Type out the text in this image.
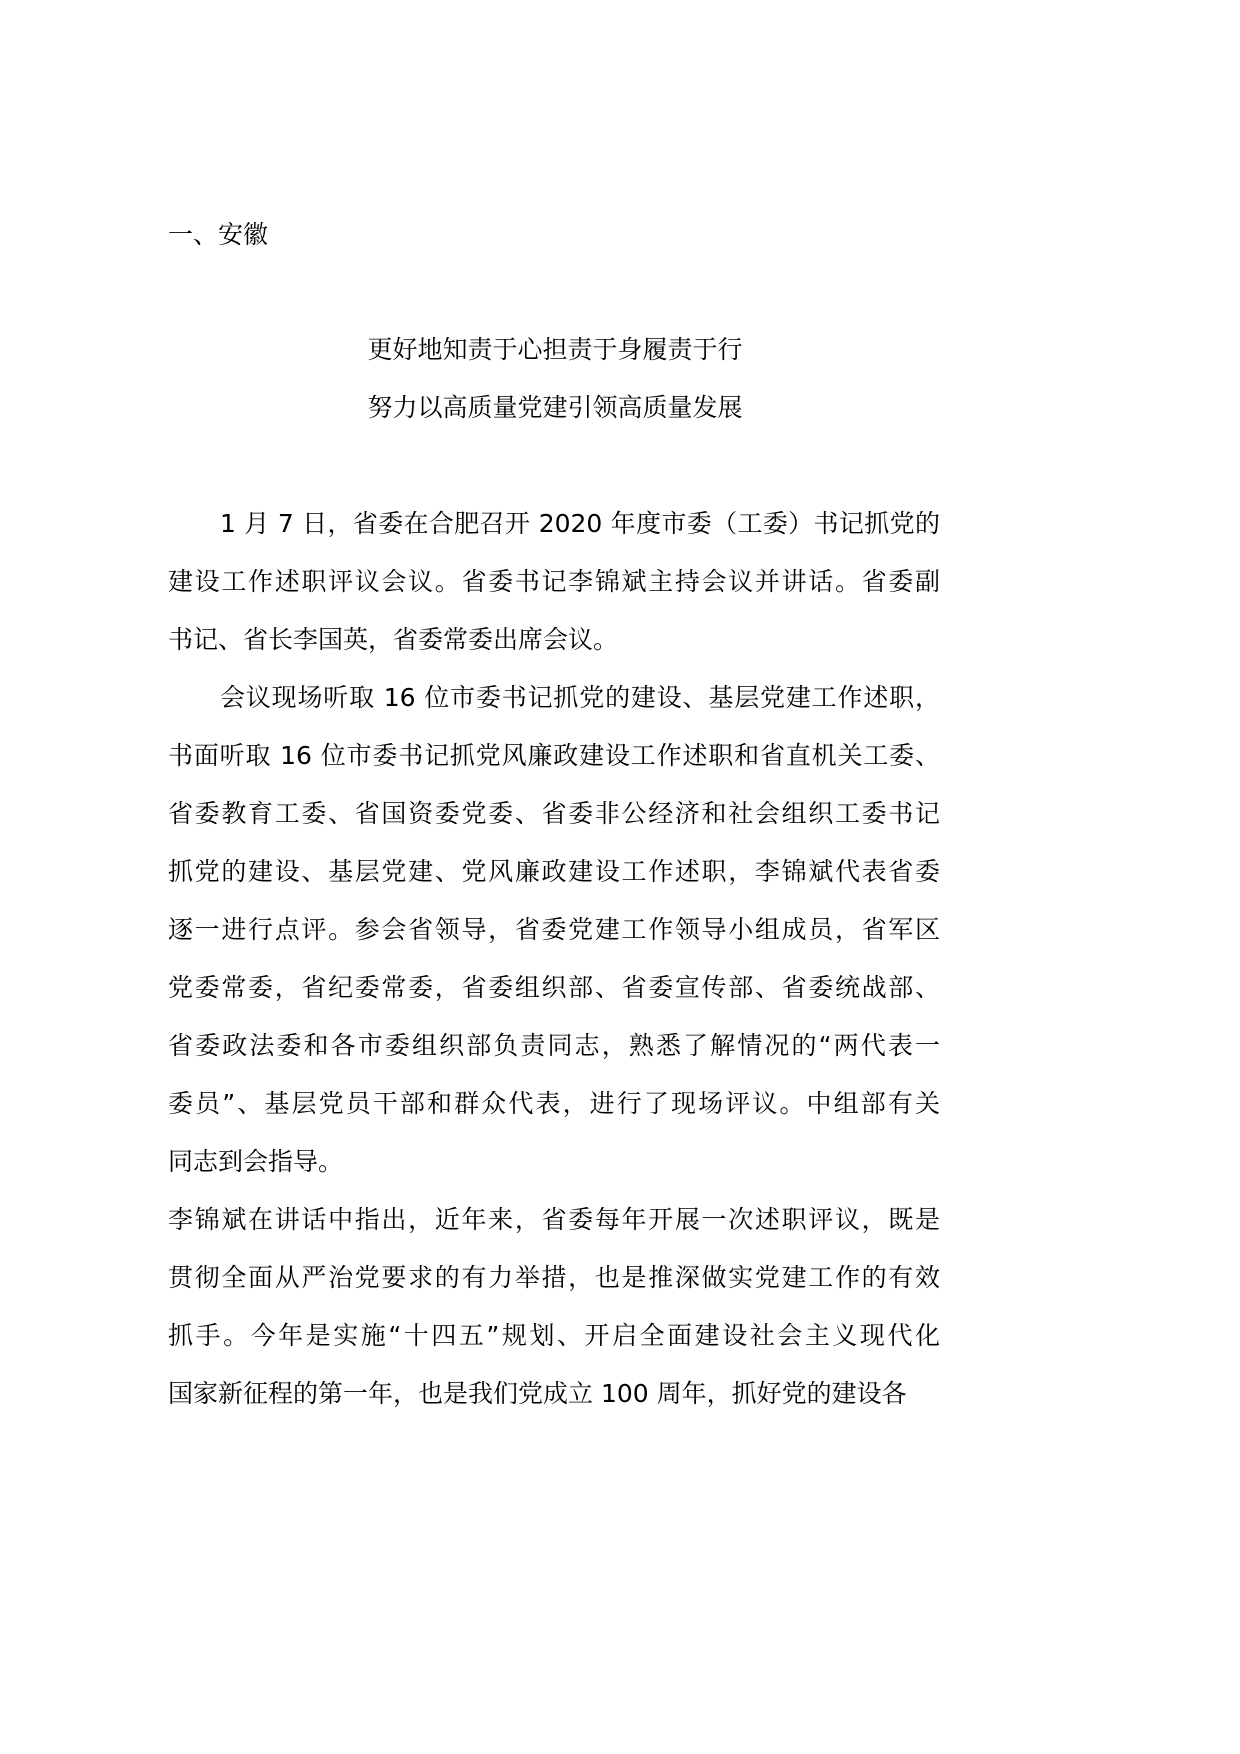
一、安徽
更好地知责于心担责于身履责于行
努力以高质量党建引领高质量发展
1 月 7 日，省委在合肥召开 2020 年度市委（工委）书记抓党的
建设工作述职评议会议。省委书记李锦斌主持会议并讲话。省委副
书记、省长李国英，省委常委出席会议。
会议现场听取 16 位市委书记抓党的建设、基层党建工作述职，
书面听取 16 位市委书记抓党风廉政建设工作述职和省直机关工委、
省委教育工委、省国资委党委、省委非公经济和社会组织工委书记
抓党的建设、基层党建、党风廉政建设工作述职，李锦斌代表省委
逐一进行点评。参会省领导，省委党建工作领导小组成员，省军区
党委常委，省纪委常委，省委组织部、省委宣传部、省委统战部、
省委政法委和各市委组织部负责同志，熟悉了解情况的“两代表一
委员”、基层党员干部和群众代表，进行了现场评议。中组部有关
同志到会指导。
李锦斌在讲话中指出，近年来，省委每年开展一次述职评议，既是
贯彻全面从严治党要求的有力举措，也是推深做实党建工作的有效
抓手。今年是实施“十四五”规划、开启全面建设社会主义现代化
国家新征程的第一年，也是我们党成立 100 周年，抓好党的建设各
